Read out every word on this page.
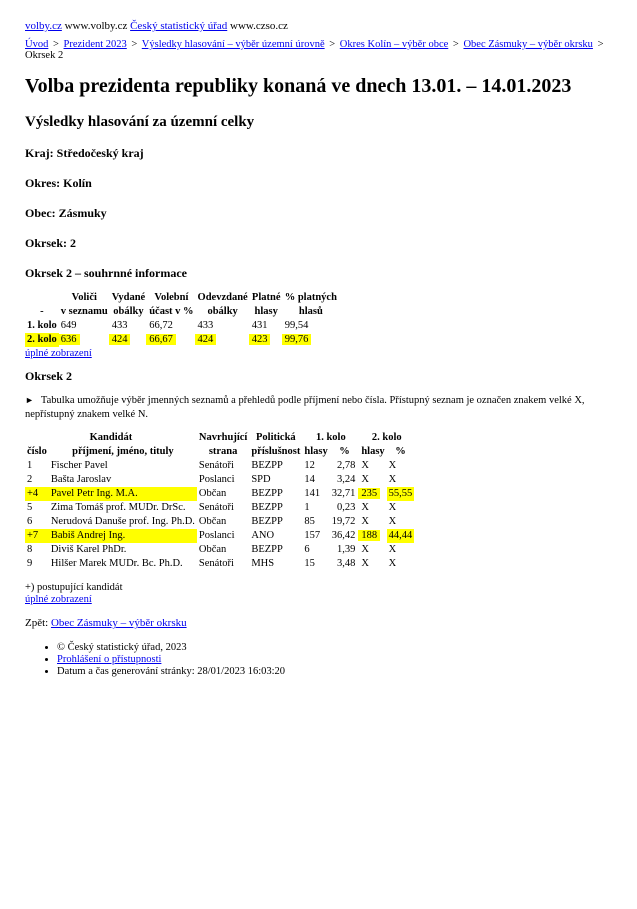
volby.cz www.volby.cz Český statistický úřad www.czso.cz
Úvod > Prezident 2023 > Výsledky hlasování – výběr územní úrovně > Okres Kolín – výběr obce > Obec Zásmuky – výběr okrsku > Okrsek 2
Volba prezidenta republiky konaná ve dnech 13.01. – 14.01.2023
Výsledky hlasování za územní celky

Kraj: Středočeský kraj

Okres: Kolín

Obec: Zásmuky

Okrsek: 2

Okrsek 2 – souhrnné informace

-	Voliči	Vydané	Volební	Odevzdané	Platné	% platných
	v seznamu	obálky	účast v %	obálky	hlasy	hlasů
1. kolo	649	433	66,72	433	431	99,54
2. kolo	636	424	66,67	424	423	99,76

úplné zobrazení

Okrsek 2

► Tabulka umožňuje výběr jmenných seznamů a přehledů podle příjmení nebo čísla. Přístupný seznam je označen znakem velké X, nepřístupný znakem velké N.

Kandidát		Navrhující	Politická	1. kolo		2. kolo	
číslo	příjmení, jméno, tituly	strana	příslušnost	hlasy	%	hlasy	%
1	Fischer Pavel	Senátoři	BEZPP	12	2,78	X	X
2	Bašta Jaroslav	Poslanci	SPD	14	3,24	X	X
+4	Pavel Petr Ing. M.A.	Občan	BEZPP	141	32,71	235	55,55
5	Zima Tomáš prof. MUDr. DrSc.	Senátoři	BEZPP	1	0,23	X	X
6	Nerudová Danuše prof. Ing. Ph.D.	Občan	BEZPP	85	19,72	X	X
+7	Babiš Andrej Ing.	Poslanci	ANO	157	36,42	188	44,44
8	Diviš Karel PhDr.	Občan	BEZPP	6	1,39	X	X
9	Hilšer Marek MUDr. Bc. Ph.D.	Senátoři	MHS	15	3,48	X	X

+) postupující kandidát

úplné zobrazení

Zpět: Obec Zásmuky – výběr okrsku

• © Český statistický úřad, 2023
• Prohlášení o přístupnosti
• Datum a čas generování stránky: 28/01/2023 16:03:20
